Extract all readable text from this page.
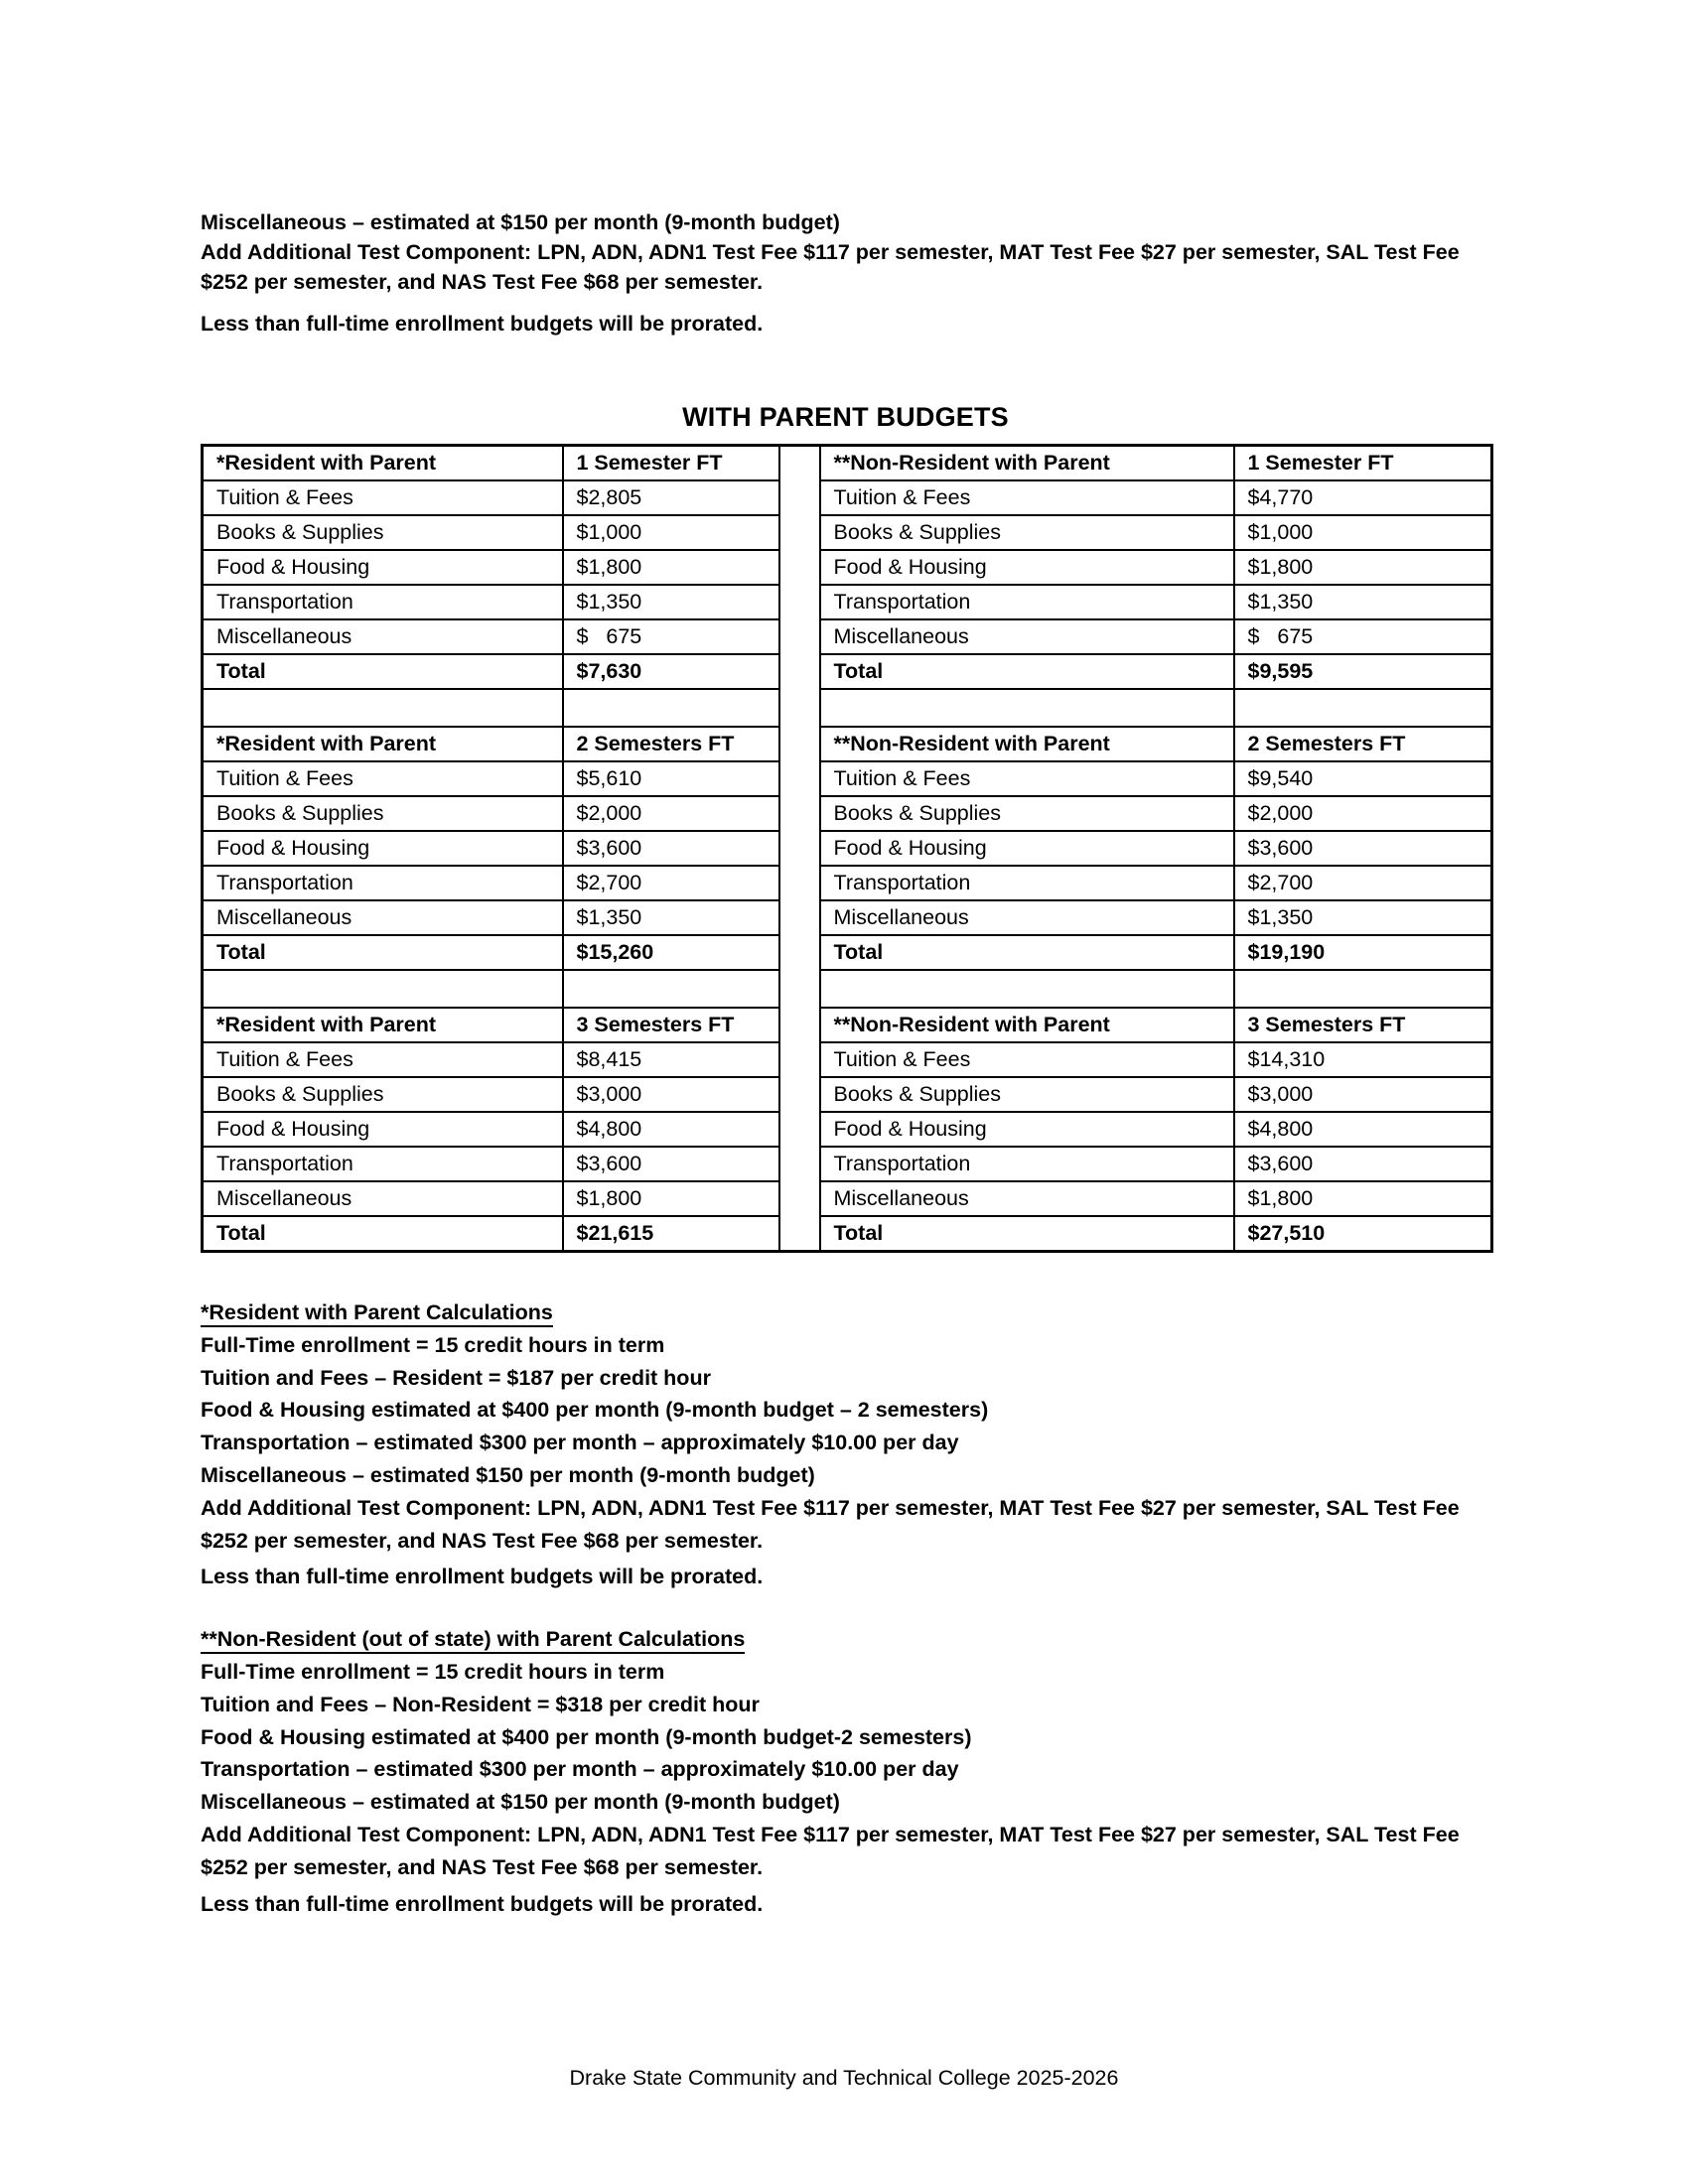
Miscellaneous – estimated at $150 per month (9-month budget)
Add Additional Test Component: LPN, ADN, ADN1 Test Fee $117 per semester, MAT Test Fee $27 per semester, SAL Test Fee
$252 per semester, and NAS Test Fee $68 per semester.
Less than full-time enrollment budgets will be prorated.
WITH PARENT BUDGETS
*Resident with Parent	1 Semester FT		**Non-Resident with Parent	1 Semester FT
Tuition & Fees	$2,805		Tuition & Fees	$4,770
Books & Supplies	$1,000		Books & Supplies	$1,000
Food & Housing	$1,800		Food & Housing	$1,800
Transportation	$1,350		Transportation	$1,350
Miscellaneous	$   675		Miscellaneous	$   675
Total	$7,630		Total	$9,595

*Resident with Parent	2 Semesters FT		**Non-Resident with Parent	2 Semesters FT
Tuition & Fees	$5,610		Tuition & Fees	$9,540
Books & Supplies	$2,000		Books & Supplies	$2,000
Food & Housing	$3,600		Food & Housing	$3,600
Transportation	$2,700		Transportation	$2,700
Miscellaneous	$1,350		Miscellaneous	$1,350
Total	$15,260		Total	$19,190

*Resident with Parent	3 Semesters FT		**Non-Resident with Parent	3 Semesters FT
Tuition & Fees	$8,415		Tuition & Fees	$14,310
Books & Supplies	$3,000		Books & Supplies	$3,000
Food & Housing	$4,800		Food & Housing	$4,800
Transportation	$3,600		Transportation	$3,600
Miscellaneous	$1,800		Miscellaneous	$1,800
Total	$21,615		Total	$27,510
*Resident with Parent Calculations
Full-Time enrollment = 15 credit hours in term
Tuition and Fees – Resident = $187 per credit hour
Food & Housing estimated at $400 per month (9-month budget – 2 semesters)
Transportation – estimated $300 per month – approximately $10.00 per day
Miscellaneous – estimated $150 per month (9-month budget)
Add Additional Test Component: LPN, ADN, ADN1 Test Fee $117 per semester, MAT Test Fee $27 per semester, SAL Test Fee
$252 per semester, and NAS Test Fee $68 per semester.
Less than full-time enrollment budgets will be prorated.
**Non-Resident (out of state) with Parent Calculations
Full-Time enrollment = 15 credit hours in term
Tuition and Fees – Non-Resident = $318 per credit hour
Food & Housing estimated at $400 per month (9-month budget-2 semesters)
Transportation – estimated $300 per month – approximately $10.00 per day
Miscellaneous – estimated at $150 per month (9-month budget)
Add Additional Test Component: LPN, ADN, ADN1 Test Fee $117 per semester, MAT Test Fee $27 per semester, SAL Test Fee
$252 per semester, and NAS Test Fee $68 per semester.
Less than full-time enrollment budgets will be prorated.
Drake State Community and Technical College 2025-2026
